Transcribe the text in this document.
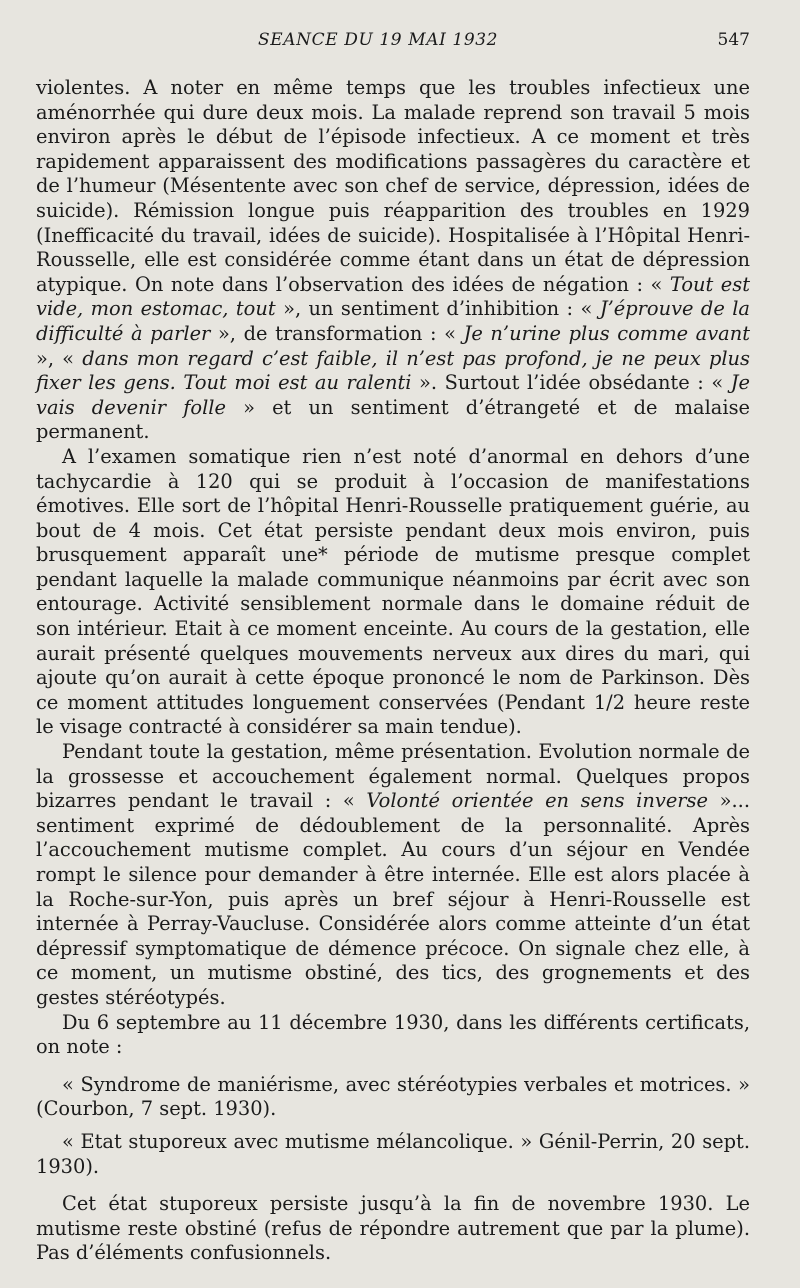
SEANCE DU 19 MAI 1932	547

violentes. A noter en même temps que les troubles infectieux une aménorrhée qui dure deux mois. La malade reprend son travail 5 mois environ après le début de l’épisode infectieux. A ce moment et très rapidement apparaissent des modifications passagères du caractère et de l’humeur (Mésentente avec son chef de service, dépression, idées de suicide). Rémission longue puis réapparition des troubles en 1929 (Inefficacité du travail, idées de suicide). Hospitalisée à l’Hôpital Henri-Rousselle, elle est considérée comme étant dans un état de dépression atypique. On note dans l’observation des idées de négation : « Tout est vide, mon estomac, tout », un sentiment d’inhibition : « J’éprouve de la difficulté à parler », de transformation : « Je n’urine plus comme avant », « dans mon regard c’est faible, il n’est pas profond, je ne peux plus fixer les gens. Tout moi est au ralenti ». Surtout l’idée obsédante : « Je vais devenir folle » et un sentiment d’étrangeté et de malaise permanent.

A l’examen somatique rien n’est noté d’anormal en dehors d’une tachycardie à 120 qui se produit à l’occasion de manifestations émotives. Elle sort de l’hôpital Henri-Rousselle pratiquement guérie, au bout de 4 mois. Cet état persiste pendant deux mois environ, puis brusquement apparaît une* période de mutisme presque complet pendant laquelle la malade communique néanmoins par écrit avec son entourage. Activité sensiblement normale dans le domaine réduit de son intérieur. Etait à ce moment enceinte. Au cours de la gestation, elle aurait présenté quelques mouvements nerveux aux dires du mari, qui ajoute qu’on aurait à cette époque prononcé le nom de Parkinson. Dès ce moment attitudes longuement conservées (Pendant 1/2 heure reste le visage contracté à considérer sa main tendue).

Pendant toute la gestation, même présentation. Evolution normale de la grossesse et accouchement également normal. Quelques propos bizarres pendant le travail : « Volonté orientée en sens inverse »... sentiment exprimé de dédoublement de la personnalité. Après l’accouchement mutisme complet. Au cours d’un séjour en Vendée rompt le silence pour demander à être internée. Elle est alors placée à la Roche-sur-Yon, puis après un bref séjour à Henri-Rousselle est internée à Perray-Vaucluse. Considérée alors comme atteinte d’un état dépressif symptomatique de démence précoce. On signale chez elle, à ce moment, un mutisme obstiné, des tics, des grognements et des gestes stéréotypés.

Du 6 septembre au 11 décembre 1930, dans les différents certificats, on note :

« Syndrome de maniérisme, avec stéréotypies verbales et motrices. » (Courbon, 7 sept. 1930).

« Etat stuporeux avec mutisme mélancolique. » Génil-Perrin, 20 sept. 1930).

Cet état stuporeux persiste jusqu’à la fin de novembre 1930. Le mutisme reste obstiné (refus de répondre autrement que par la plume). Pas d’éléments confusionnels.
